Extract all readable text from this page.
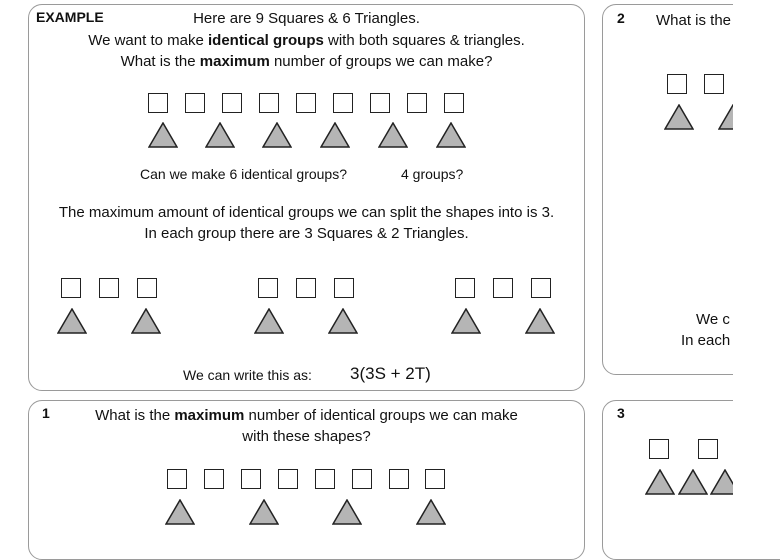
EXAMPLE	Here are 9 Squares & 6 Triangles.
We want to make identical groups with both squares & triangles.
What is the maximum number of groups we can make?
Can we make 6 identical groups?	4 groups?
The maximum amount of identical groups we can split the shapes into is 3.
In each group there are 3 Squares & 2 Triangles.
We can write this as: 3(3S + 2T)
2 What is the
We c
In each
1	What is the maximum number of identical groups we can make
with these shapes?
3
